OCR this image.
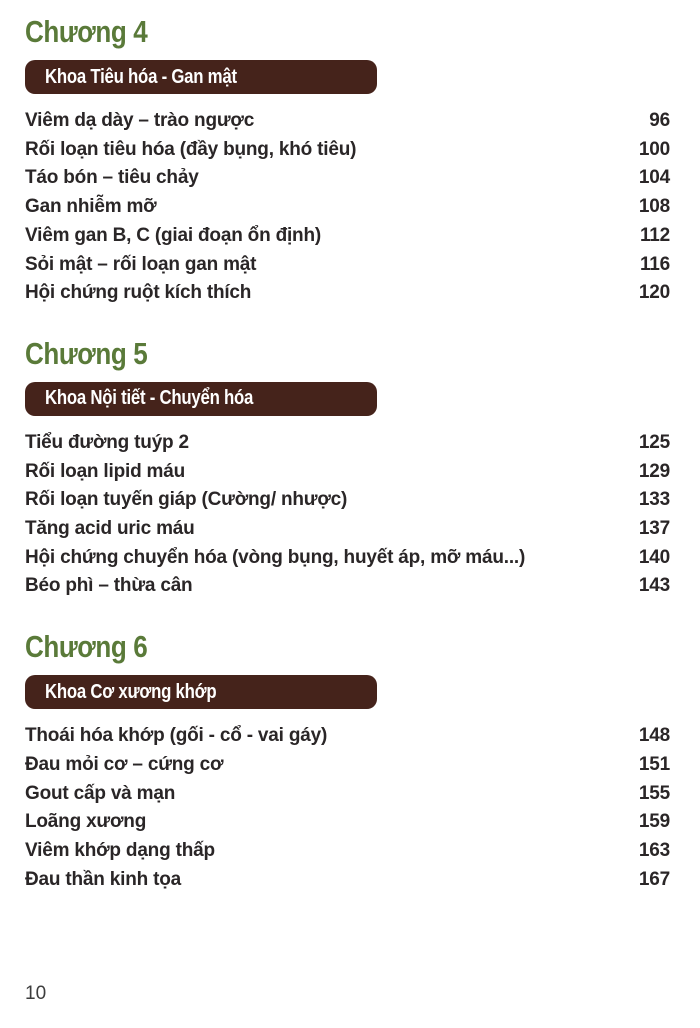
Chương 4
Khoa Tiêu hóa - Gan mật
Viêm dạ dày – trào ngược	96
Rối loạn tiêu hóa (đầy bụng, khó tiêu)	100
Táo bón – tiêu chảy	104
Gan nhiễm mỡ	108
Viêm gan B, C (giai đoạn ổn định)	112
Sỏi mật – rối loạn gan mật	116
Hội chứng ruột kích thích	120
Chương 5
Khoa Nội tiết - Chuyển hóa
Tiểu đường tuýp 2	125
Rối loạn lipid máu	129
Rối loạn tuyến giáp (Cường/ nhược)	133
Tăng acid uric máu	137
Hội chứng chuyển hóa (vòng bụng, huyết áp, mỡ máu...)	140
Béo phì – thừa cân	143
Chương 6
Khoa Cơ xương khớp
Thoái hóa khớp (gối - cổ - vai gáy)	148
Đau mỏi cơ – cứng cơ	151
Gout cấp và mạn	155
Loãng xương	159
Viêm khớp dạng thấp	163
Đau thần kinh tọa	167
10
